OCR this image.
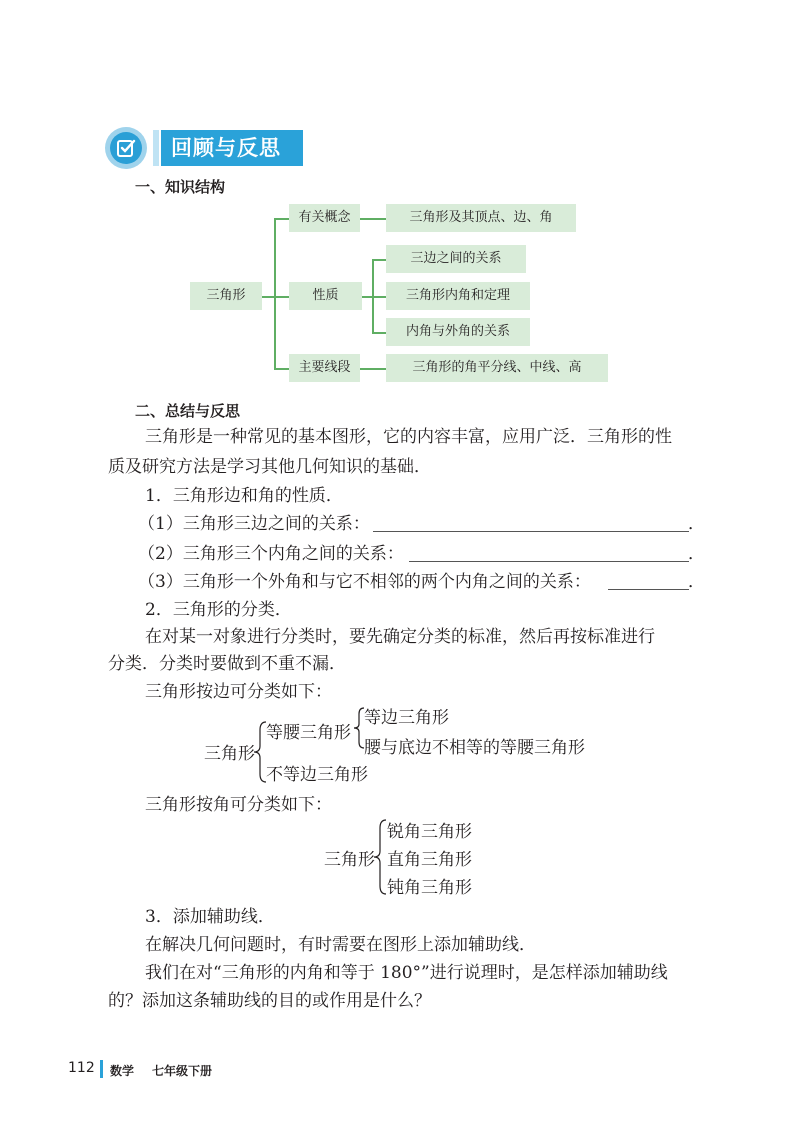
回顾与反思
一、知识结构
三角形
有关概念
性质
主要线段
三角形及其顶点、边、角
三边之间的关系
三角形内角和定理
内角与外角的关系
三角形的角平分线、中线、高
二、总结与反思
三角形是一种常见的基本图形，它的内容丰富，应用广泛．三角形的性
质及研究方法是学习其他几何知识的基础．
1．三角形边和角的性质．
（1）三角形三边之间的关系：	．
（2）三角形三个内角之间的关系：	．
（3）三角形一个外角和与它不相邻的两个内角之间的关系：	．
2．三角形的分类．
在对某一对象进行分类时，要先确定分类的标准，然后再按标准进行
分类．分类时要做到不重不漏．
三角形按边可分类如下：
三角形
等腰三角形
等边三角形
腰与底边不相等的等腰三角形
不等边三角形
三角形按角可分类如下：
三角形
锐角三角形
直角三角形
钝角三角形
3．添加辅助线．
在解决几何问题时，有时需要在图形上添加辅助线．
我们在对“三角形的内角和等于 180°”进行说理时，是怎样添加辅助线
的？添加这条辅助线的目的或作用是什么？
112 数学 七年级下册
